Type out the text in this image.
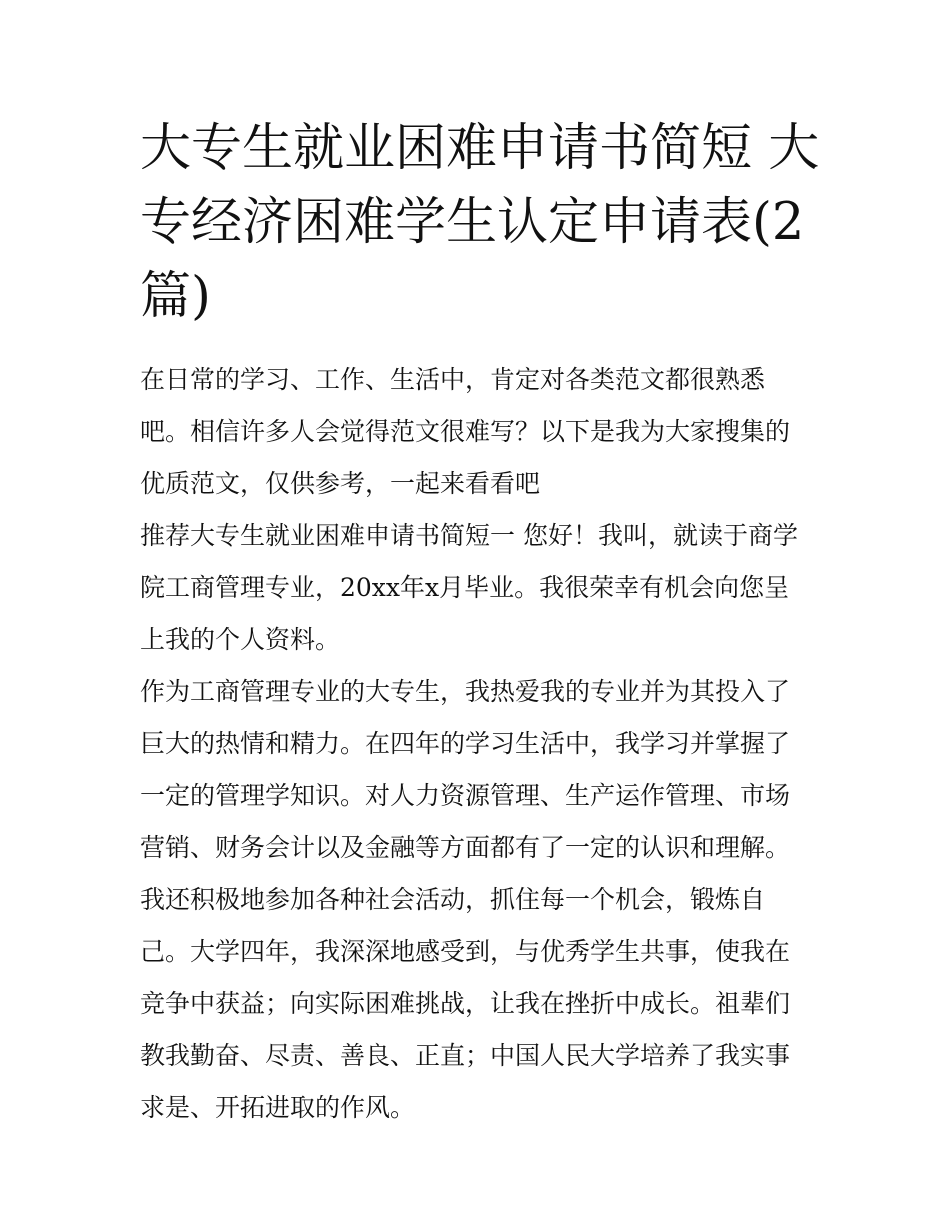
大专生就业困难申请书简短 大专经济困难学生认定申请表(2篇)

在日常的学习、工作、生活中，肯定对各类范文都很熟悉吧。相信许多人会觉得范文很难写？以下是我为大家搜集的优质范文，仅供参考，一起来看看吧

推荐大专生就业困难申请书简短一 您好！我叫，就读于商学院工商管理专业，20xx年x月毕业。我很荣幸有机会向您呈上我的个人资料。

作为工商管理专业的大专生，我热爱我的专业并为其投入了巨大的热情和精力。在四年的学习生活中，我学习并掌握了一定的管理学知识。对人力资源管理、生产运作管理、市场营销、财务会计以及金融等方面都有了一定的认识和理解。

我还积极地参加各种社会活动，抓住每一个机会，锻炼自己。大学四年，我深深地感受到，与优秀学生共事，使我在竞争中获益；向实际困难挑战，让我在挫折中成长。祖辈们教我勤奋、尽责、善良、正直；中国人民大学培养了我实事求是、开拓进取的作风。
